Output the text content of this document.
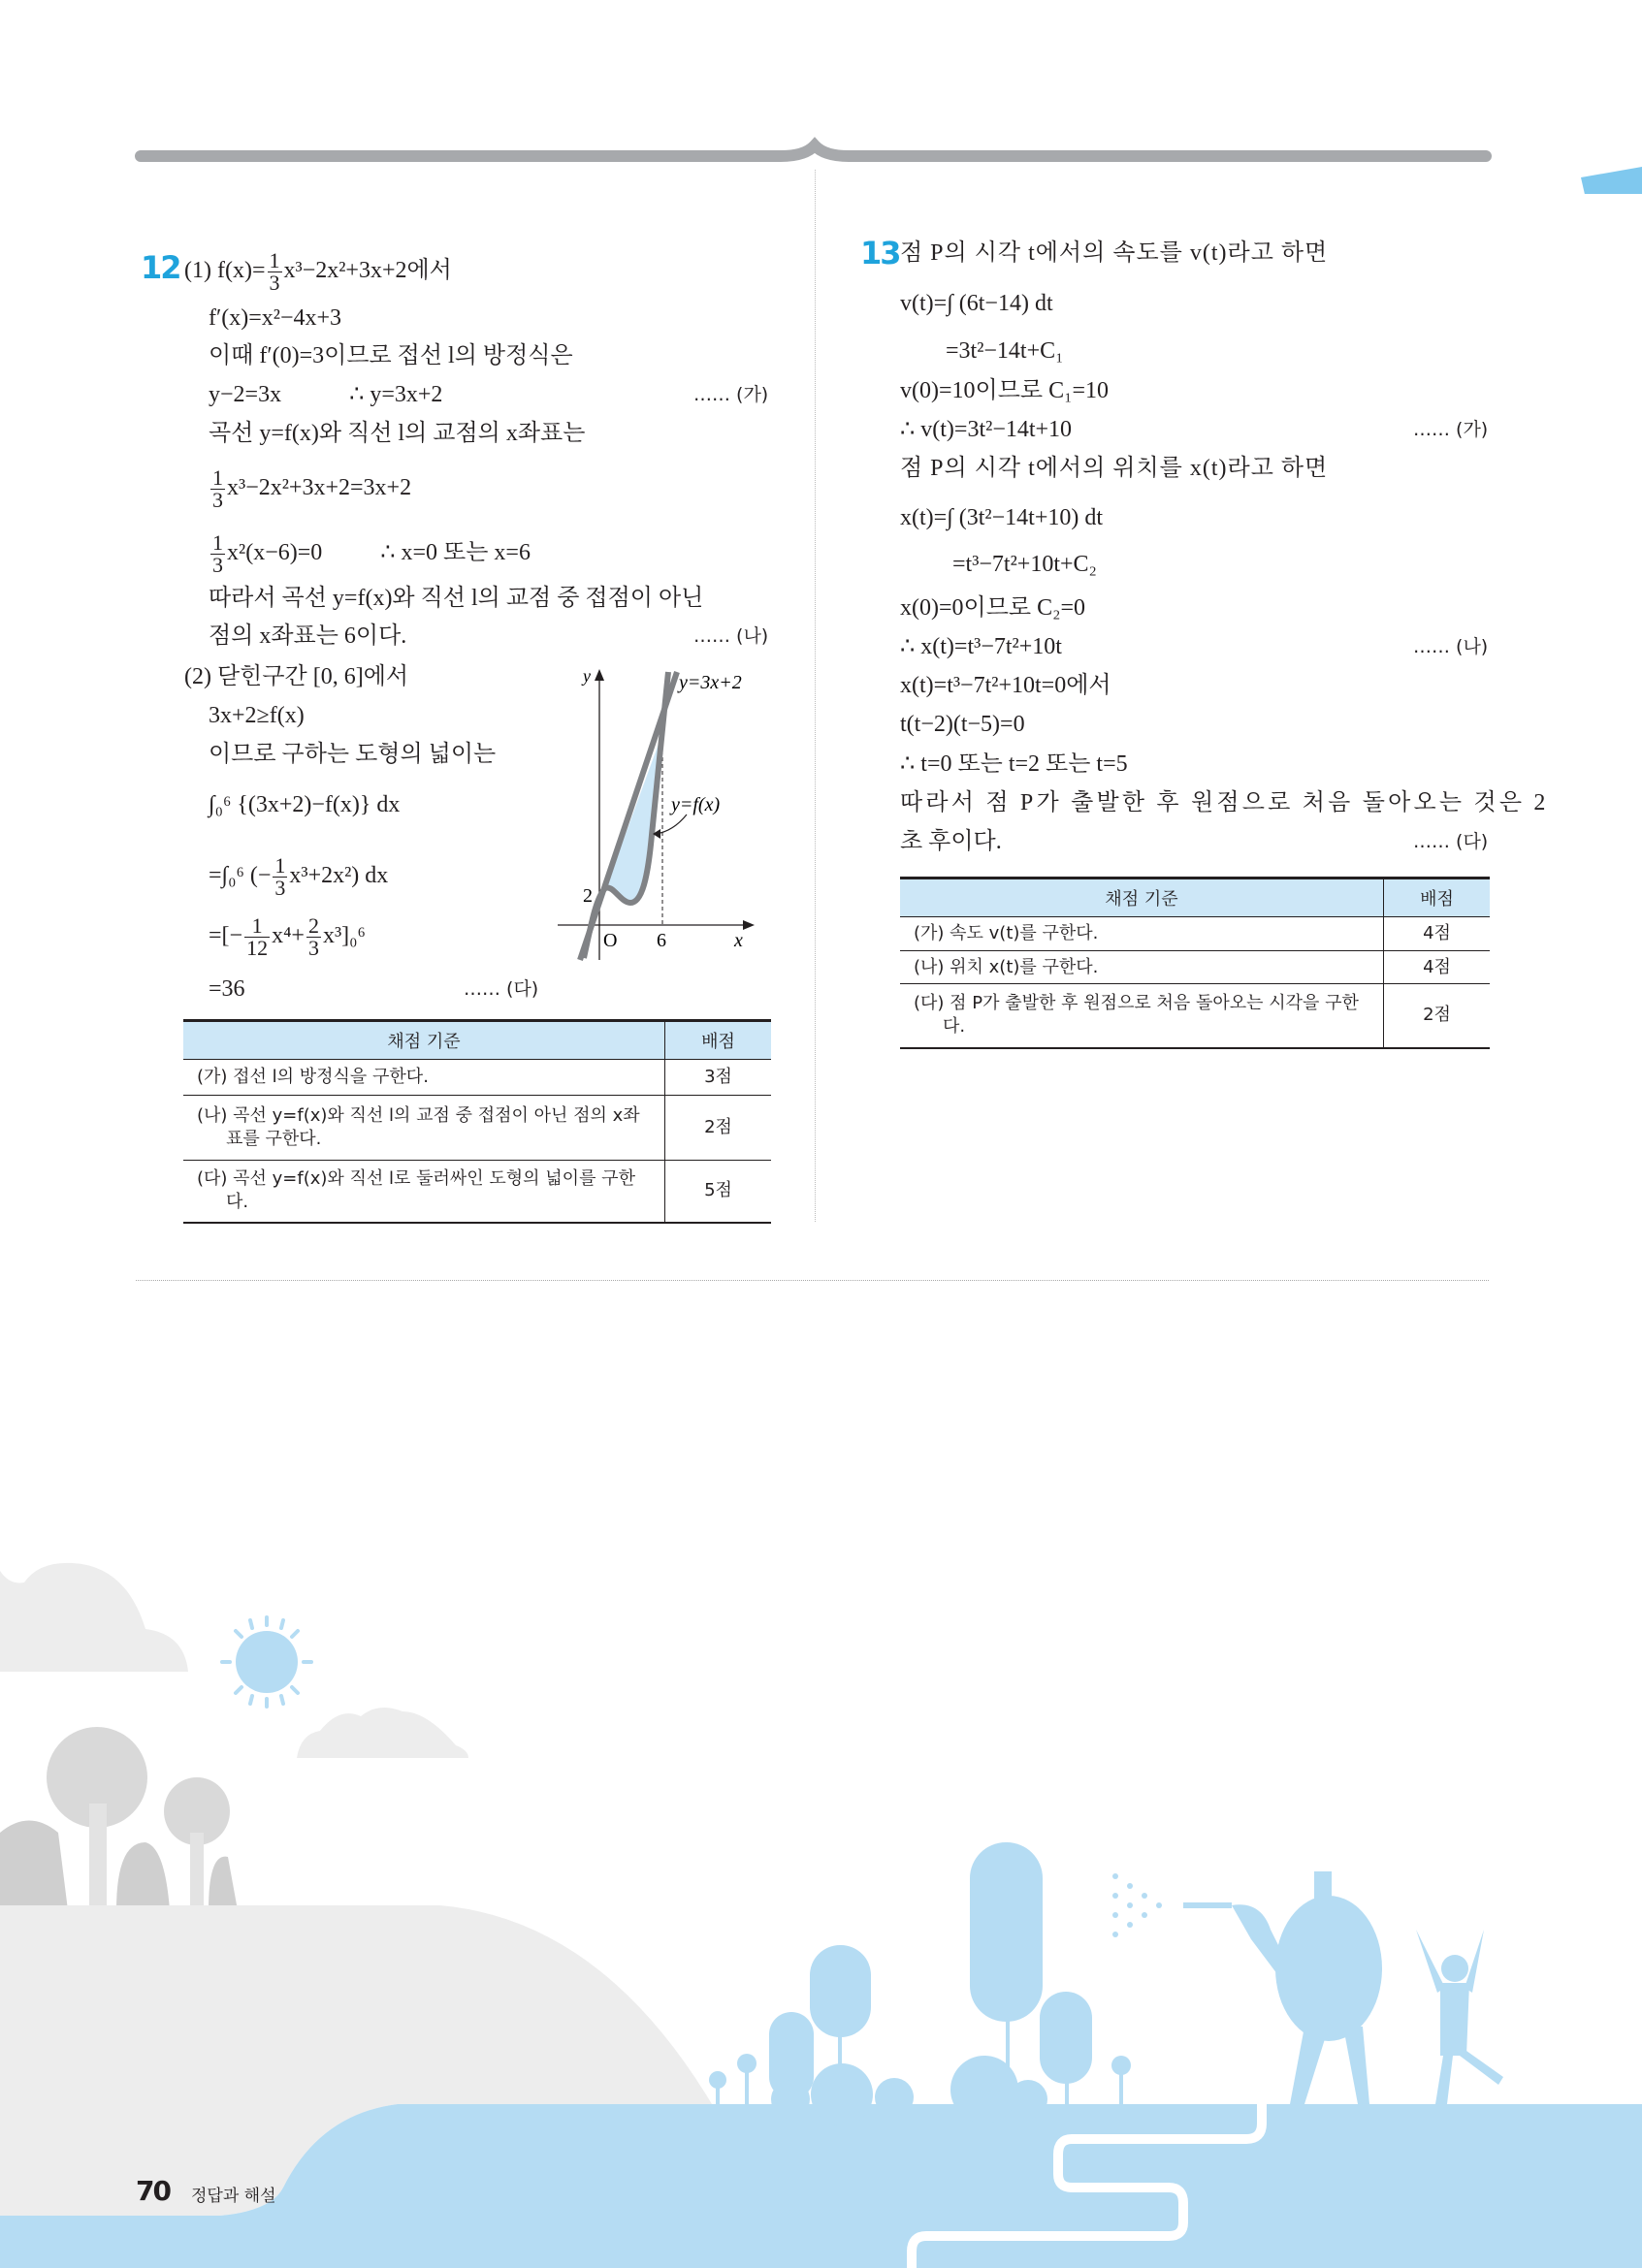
12 (1) $f(x)= \frac{1}{3} x^3-2x^2+3x+2$에서
f′(x)=x²−4x+3
이때 f′(0)=3이므로 접선 l의 방정식은
y−2=3x	∴ y=3x+2	…… (가)
곡선 y=f(x)와 직선 l의 교점의 x좌표는
$\frac{1}{3} x^3-2x^2+3x+2=3x+2$
$\frac{1}{3} x^2(x-6)=0$	∴ x=0 또는 x=6
따라서 곡선 y=f(x)와 직선 l의 교점 중 접점이 아닌
점의 x좌표는 6이다.	…… (나)
(2) 닫힌구간 [0, 6]에서
3x+2≥f(x)
이므로 구하는 도형의 넓이는
∫₀⁶ {(3x+2)−f(x)} dx
=∫₀⁶ (− $\frac{1}{3} x^3+2x^2$) dx
=[− $\frac{1}{12} x^4+ \frac{2}{3} x^3]_0^6$
=36	…… (다)
y
x
O 6
2
y=3x+2
y=f(x)
채점 기준	배점

(가) 접선 l의 방정식을 구한다.	3점

(나) 곡선 y=f(x)와 직선 l의 교점 중 접점이 아닌 점의 x좌표를 구한다.	2점

(다) 곡선 y=f(x)와 직선 l로 둘러싸인 도형의 넓이를 구한다.	5점
13 점 P의 시각 t에서의 속도를 v(t)라고 하면
v(t)=∫ (6t−14) dt
=3t²−14t+C₁
v(0)=10이므로 C₁=10
∴ v(t)=3t²−14t+10	…… (가)
점 P의 시각 t에서의 위치를 x(t)라고 하면
x(t)=∫ (3t²−14t+10) dt
=t³−7t²+10t+C₂
x(0)=0이므로 C₂=0
∴ x(t)=t³−7t²+10t	…… (나)
x(t)=t³−7t²+10t=0에서
t(t−2)(t−5)=0
∴ t=0 또는 t=2 또는 t=5
따라서 점 P가 출발한 후 원점으로 처음 돌아오는 것은 2
초 후이다.	…… (다)
채점 기준	배점

(가) 속도 v(t)를 구한다.	4점

(나) 위치 x(t)를 구한다.	4점

(다) 점 P가 출발한 후 원점으로 처음 돌아오는 시각을 구한다.	2점
70 정답과 해설
